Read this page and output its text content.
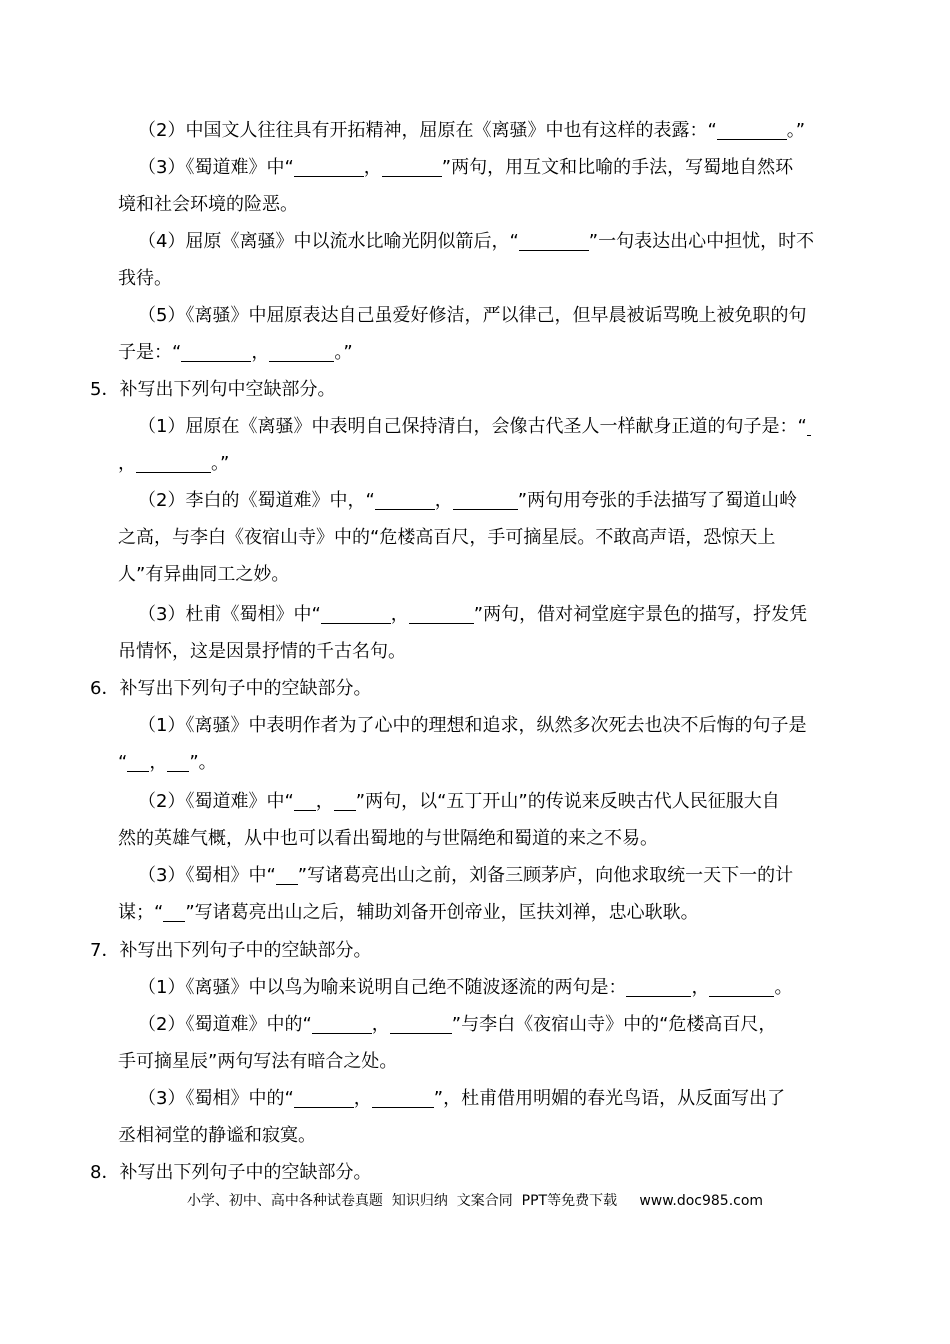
（2）中国文人往往具有开拓精神，屈原在《离骚》中也有这样的表露：“	。”
（3）《蜀道难》中“	，	”两句，用互文和比喻的手法，写蜀地自然环
境和社会环境的险恶。
（4）屈原《离骚》中以流水比喻光阴似箭后，“	”一句表达出心中担忧，时不
我待。
（5）《离骚》中屈原表达自己虽爱好修洁，严以律己，但早晨被诟骂晚上被免职的句
子是：“	，	。”
5．补写出下列句中空缺部分。
（1）屈原在《离骚》中表明自己保持清白，会像古代圣人一样献身正道的句子是：“
，	。”
（2）李白的《蜀道难》中，“	，	”两句用夸张的手法描写了蜀道山岭
之高，与李白《夜宿山寺》中的“危楼高百尺，手可摘星辰。不敢高声语，恐惊天上
人”有异曲同工之妙。
（3）杜甫《蜀相》中“	，	”两句，借对祠堂庭宇景色的描写，抒发凭
吊情怀，这是因景抒情的千古名句。
6．补写出下列句子中的空缺部分。
（1）《离骚》中表明作者为了心中的理想和追求，纵然多次死去也决不后悔的句子是
“ ， ”。
（2）《蜀道难》中“ ， ”两句，以“五丁开山”的传说来反映古代人民征服大自
然的英雄气概，从中也可以看出蜀地的与世隔绝和蜀道的来之不易。
（3）《蜀相》中“ ”写诸葛亮出山之前，刘备三顾茅庐，向他求取统一天下一的计
谋；“ ”写诸葛亮出山之后，辅助刘备开创帝业，匡扶刘禅，忠心耿耿。
7．补写出下列句子中的空缺部分。
（1）《离骚》中以鸟为喻来说明自己绝不随波逐流的两句是：	，	。
（2）《蜀道难》中的“	，	”与李白《夜宿山寺》中的“危楼高百尺，
手可摘星辰”两句写法有暗合之处。
（3）《蜀相》中的“	，	”，杜甫借用明媚的春光鸟语，从反面写出了
丞相祠堂的静谧和寂寞。
8．补写出下列句子中的空缺部分。
小学、初中、高中各种试卷真题  知识归纳  文案合同  PPT等免费下载     www.doc985.com
